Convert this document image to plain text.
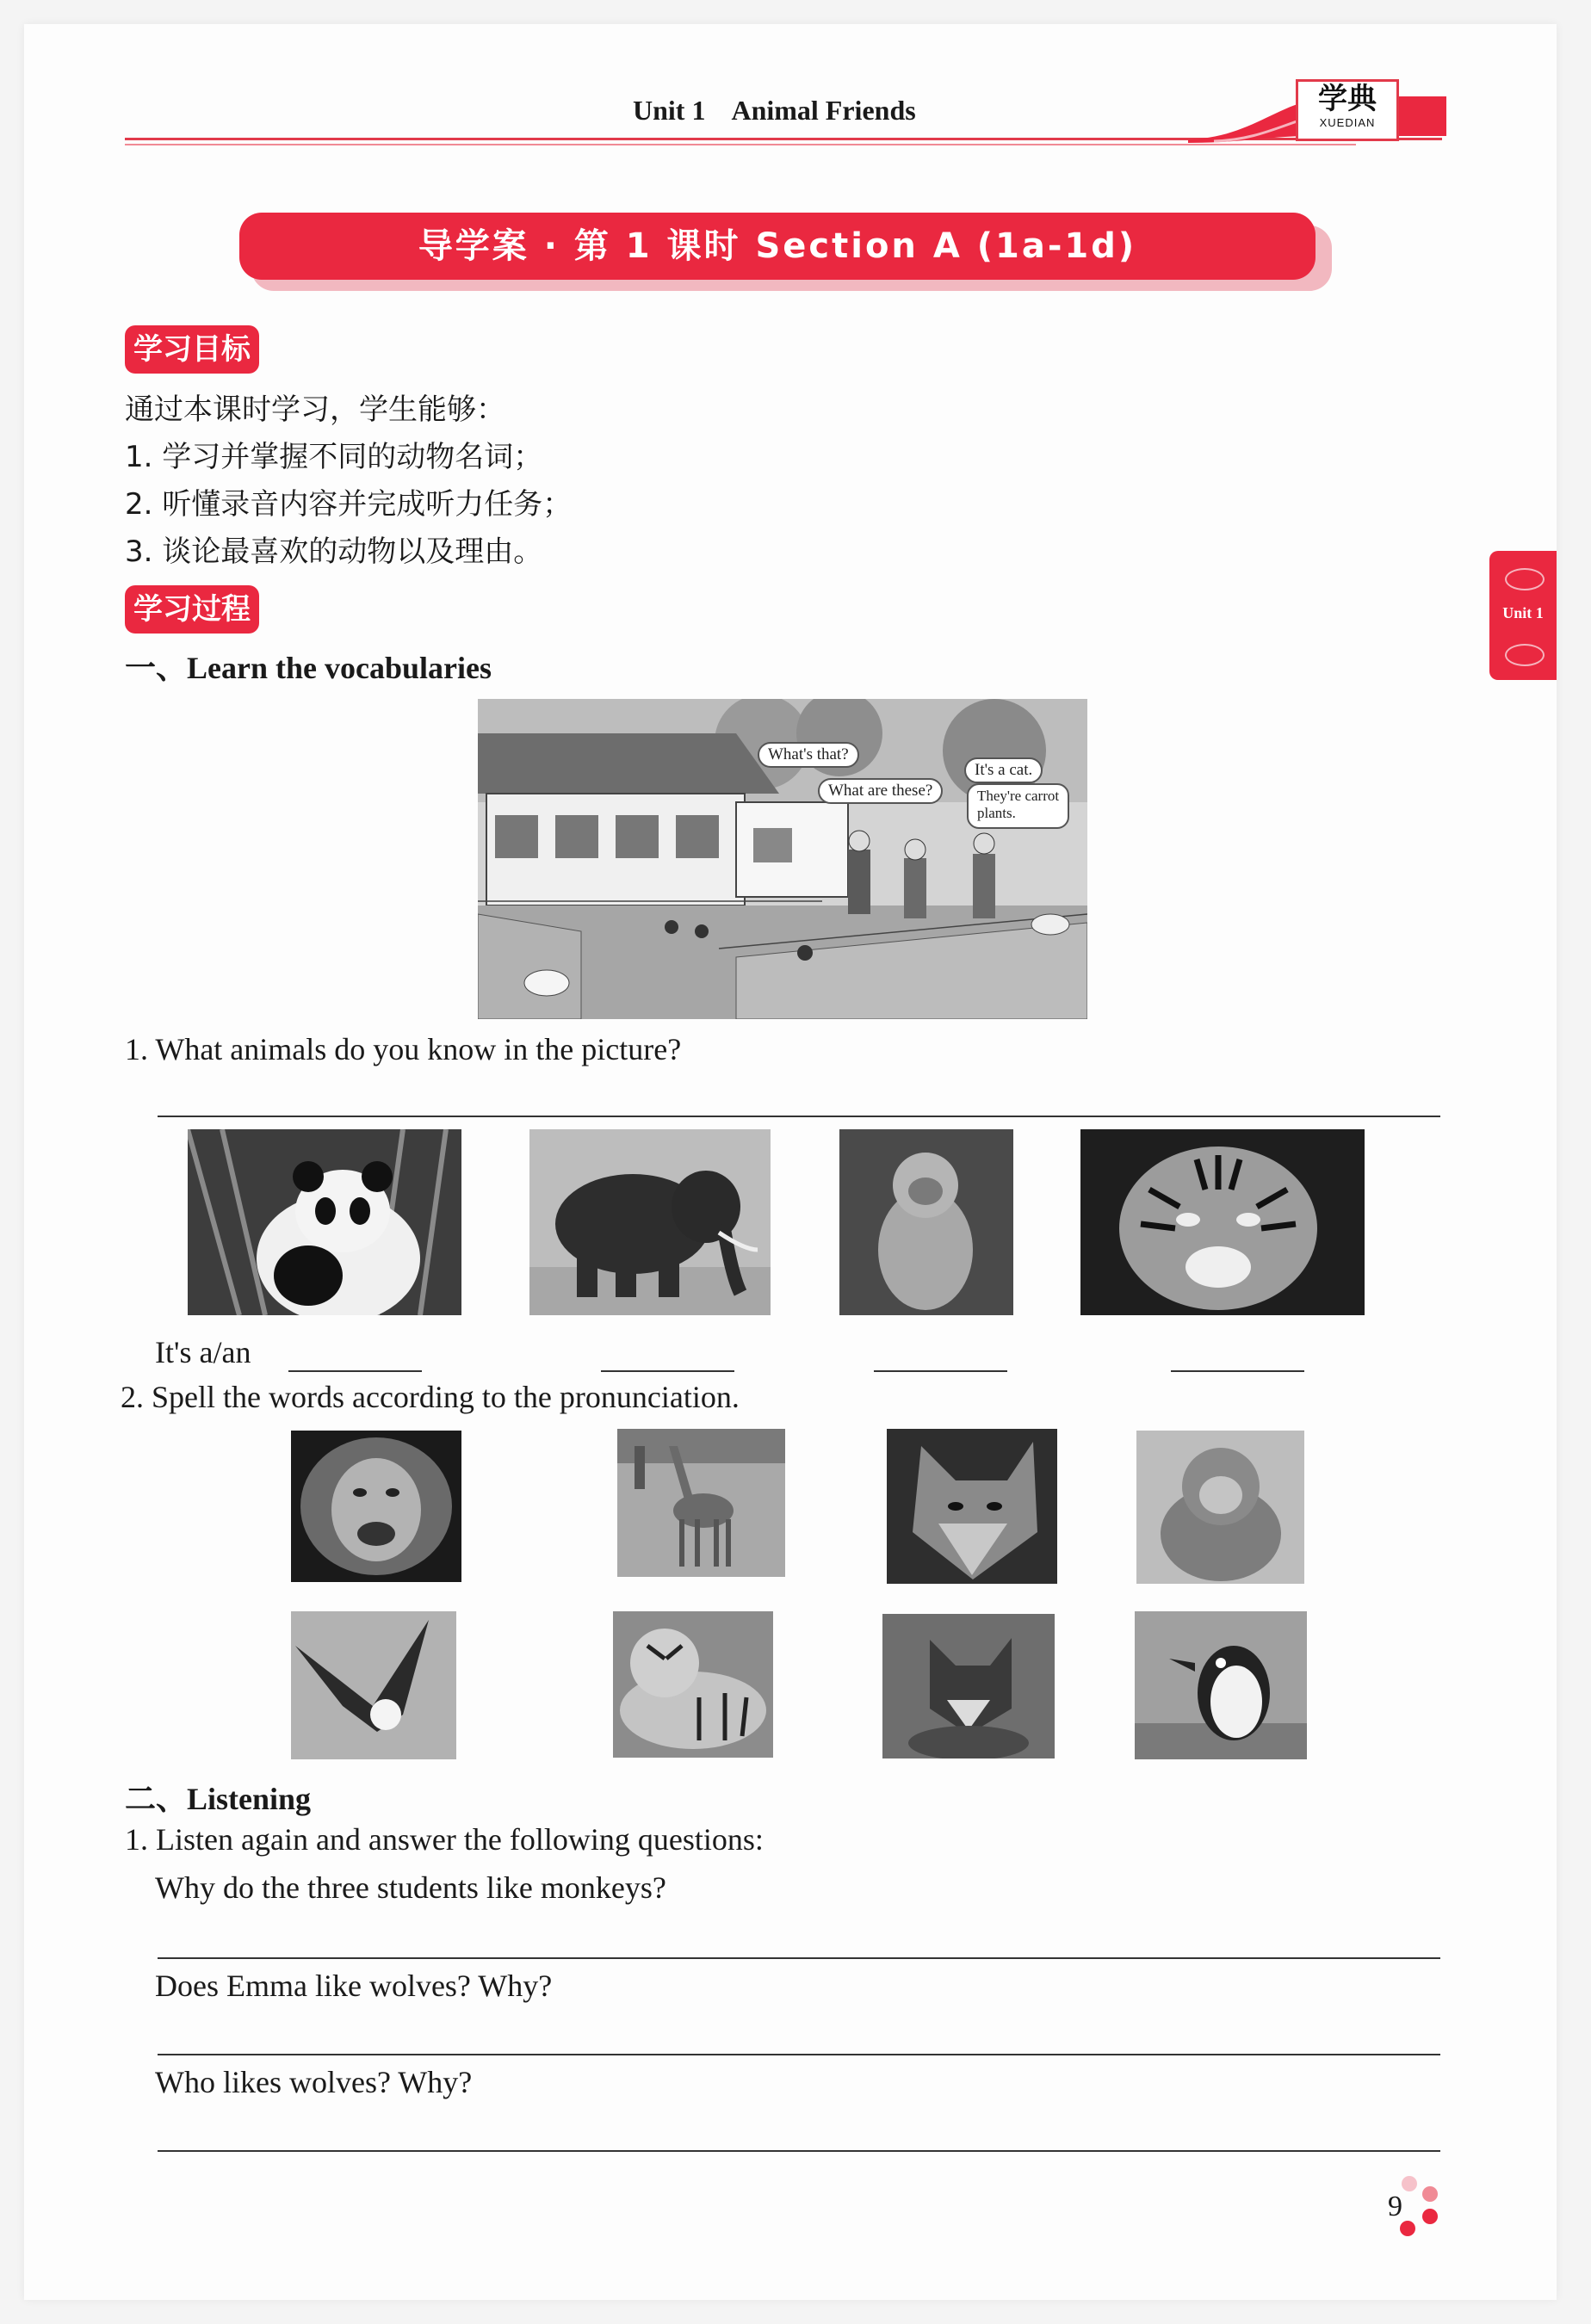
Unit 1 Animal Friends	学典
XUEDIAN
导学案 · 第 1 课时 Section A (1a-1d)
Unit 1
学习目标
通过本课时学习，学生能够：
1. 学习并掌握不同的动物名词；
2. 听懂录音内容并完成听力任务；
3. 谈论最喜欢的动物以及理由。
学习过程
一、Learn the vocabularies
What's that?
It's a cat.
What are these?	They're carrot
plants.
1. What animals do you know in the picture?
It's a/an
2. Spell the words according to the pronunciation.
二、Listening
1. Listen again and answer the following questions:
Why do the three students like monkeys?
Does Emma like wolves? Why?
Who likes wolves? Why?
9
